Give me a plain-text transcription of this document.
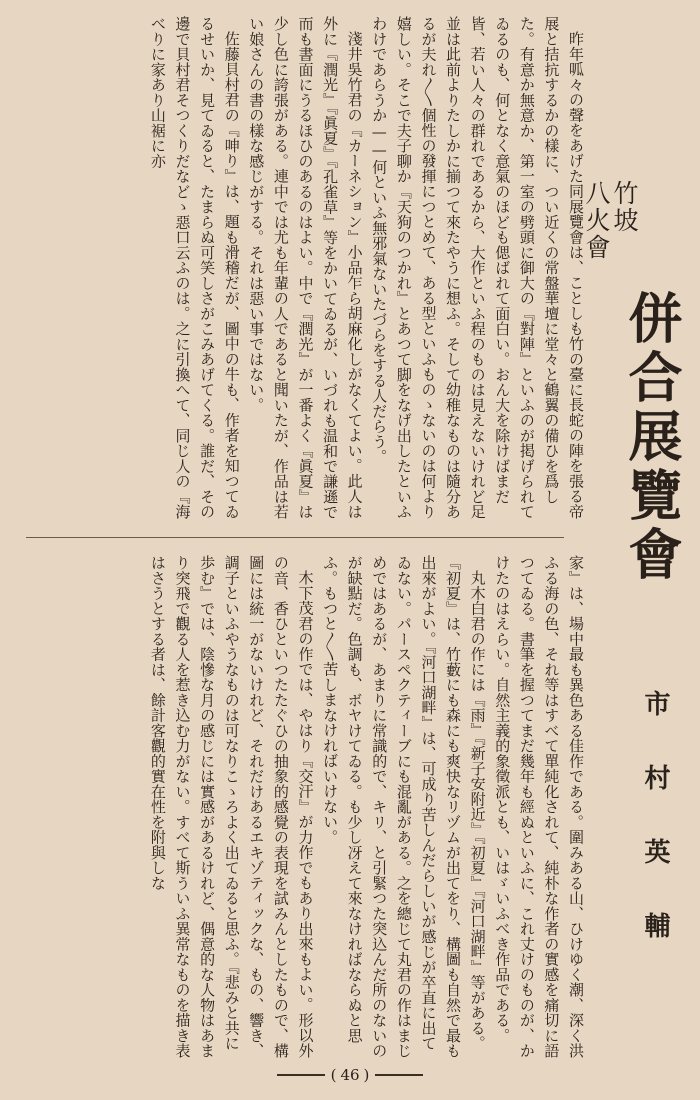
昨年呱々の聲をあげた同展覽會は、ことしも竹の臺に長蛇の陣を張る帝展と拮抗するかの樣に、つい近くの常盤華壇に堂々と鶴翼の備ひを爲した。有意か無意か、第一室の劈頭に御大の『對陣』といふのが掲げられてゐるのも、何となく意氣のほども偲ばれて面白い。おん大を除けばまだ皆、若い人々の群れであるから、大作といふ程のものは見えないけれど足並は此前よりたしかに揃つて來たやうに想ふ。そして幼稚なものは隨分あるが夫れ〳〵個性の發揮につとめて、ある型といふものゝないのは何より嬉しい。そこで夫子聊か『天狗のつかれ』とあつて脚をなげ出したといふわけであらうか——何といふ無邪氣ないたづらをする人だらう。

淺井吳竹君の『カーネション』小品乍ら胡麻化しがなくてよい。此人は外に『潤光』『眞夏』『孔雀草』等をかいてゐるが、いづれも温和で謙遜で而も書面にうるほひのあるのはよい。中で『潤光』が一番よく『眞夏』は少し色に誇張がある。連中では尤も年輩の人であると聞いたが、作品は若い娘さんの書の樣な感じがする。それは惡い事ではない。

佐藤貝村君の『呻り』は、題も滑稽だが、圖中の牛も、作者を知つてゐるせいか、見てゐると、たまらぬ可笑しさがこみあげてくる。誰だ、その邊で貝村君そつくりだなどゝ惡口云ふのは。之に引換へて、同じ人の『海べりに家あり山裾に亦

家』は、場中最も異色ある佳作である。圍みある山、ひけゆく潮、深く洪ふる海の色、それ等はすべて單純化されて、純朴な作者の實感を痛切に語つてゐる。書筆を握つてまだ幾年も經ぬといふに、これ丈けのものが、かけたのはえらい。自然主義的象徵派とも、いはゞいふべき作品である。

丸木白君の作には『雨』『新子安附近』『初夏』『河口湖畔』等がある。『初夏』は、竹藪にも森にも爽快なリヅムが出てをり、構圖も自然で最も出來がよい。『河口湖畔』は、可成り苦しんだらしいが感じが卒直に出てゐない。パースペクティーブにも混亂がある。之を總じて丸君の作はまじめではあるが、あまりに常識的で、キリ、と引緊つた突込んだ所のないのが缺點だ。色調も、ボヤけてゐる。も少し冴えて來なければならぬと思ふ。もつと〳〵苦しまなければいけない。

木下茂君の作では、やはり『交汗』が力作でもあり出來もよい。形以外の音、香ひといつたたぐひの抽象的感覺の表現を試みんとしたもので、構圖には統一がないけれど、それだけあるエキゾティックな、もの、響き、調子といふやうなものは可なりこゝろよく出てゐると思ふ。『悲みと共に歩む』では、陰慘な月の感じには實感があるけれど、偶意的な人物はあまり突飛で觀る人を惹き込む力がない。すべて斯ういふ異常なものを描き表はさうとする者は、餘計客觀的實在性を附與しな

竹坡
八火會
併合展覽會
市村英輔
( 46 )
